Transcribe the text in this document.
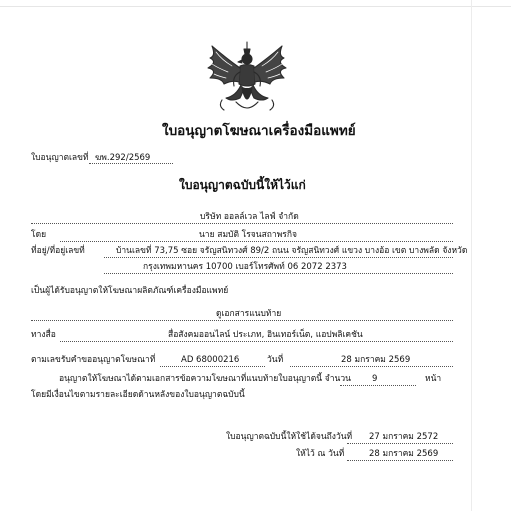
ใบอนุญาตโฆษณาเครื่องมือแพทย์
ใบอนุญาตเลขที่ ฆพ.292/2569
ใบอนุญาตฉบับนี้ให้ไว้แก่
บริษัท ออลล์เวล ไลฟ์ จำกัด
โดย	นาย สมบัติ โรจนสถาพรกิจ
ที่อยู่/ที่อยู่เลขที่	บ้านเลขที่ 73,75 ซอย จรัญสนิทวงศ์ 89/2 ถนน จรัญสนิทวงศ์ แขวง บางอ้อ เขต บางพลัด จังหวัด
กรุงเทพมหานคร 10700 เบอร์โทรศัพท์ 06 2072 2373
เป็นผู้ได้รับอนุญาตให้โฆษณาผลิตภัณฑ์เครื่องมือแพทย์
ดูเอกสารแนบท้าย
ทางสื่อ	สื่อสังคมออนไลน์ ประเภท, อินเทอร์เน็ต, แอปพลิเคชัน
ตามเลขรับคำขออนุญาตโฆษณาที่	AD 68000216	วันที่	28 มกราคม 2569
อนุญาตให้โฆษณาได้ตามเอกสารข้อความโฆษณาที่แนบท้ายใบอนุญาตนี้ จำนวน 9	หน้า
โดยมีเงื่อนไขตามรายละเอียดด้านหลังของใบอนุญาตฉบับนี้
ใบอนุญาตฉบับนี้ให้ใช้ได้จนถึงวันที่ 27 มกราคม 2572
ให้ไว้ ณ วันที่	28 มกราคม 2569
